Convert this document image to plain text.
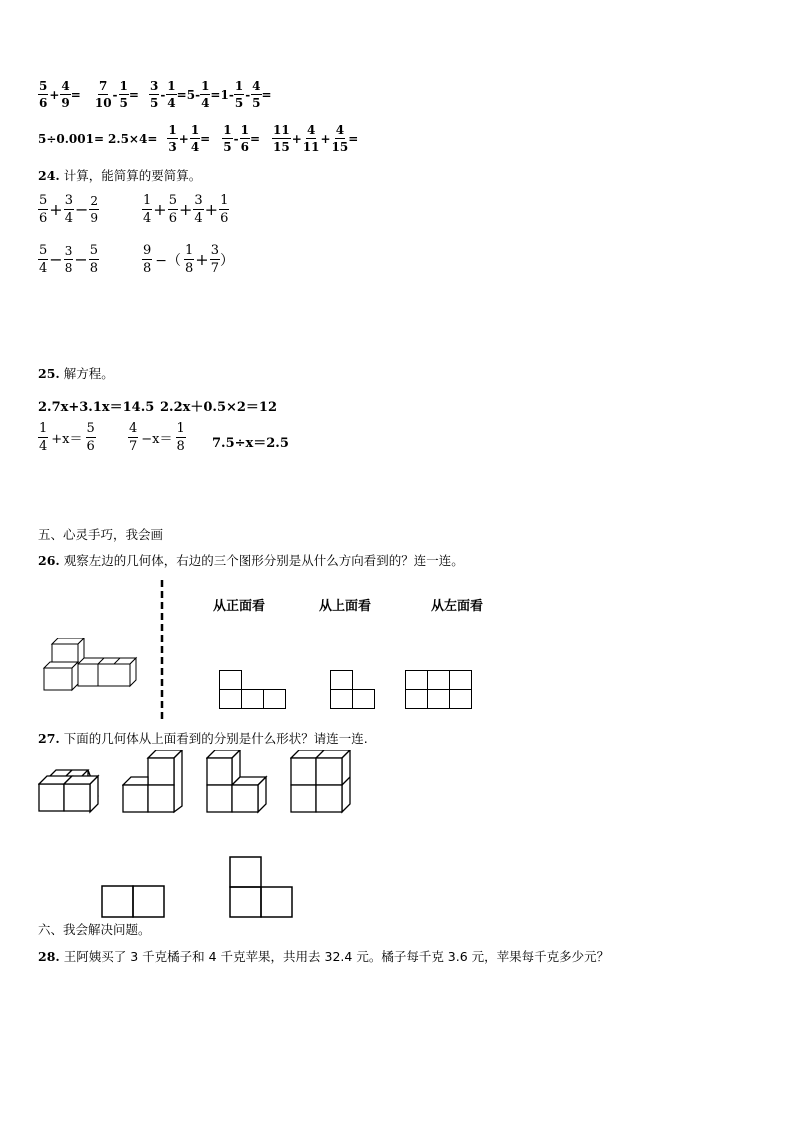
5
6
+ $\frac{4}{9}$ =
7
10
- $\frac{1}{5}$ =
3
5
- $\frac{1}{4} = 5- \frac{1}{4} = 1-$
1
5
- $\frac{4}{5}$ =
5÷0.001= 2.5×4=
1
3
+ $\frac{1}{4}$ =
1
5
- $\frac{1}{6}$ =
11
15
+ $\frac{4}{11} + \frac{4}{15}$ =
24. 计算，能简算的要简算。
5
$6 + \frac{3}{4} - \frac{2}{9}$	1
$4 + \frac{5}{6} + \frac{3}{4} + \frac{1}{6}$
5
$4 - \frac{3}{8} - \frac{5}{8}$	9
8 −（
1
$8 + \frac{3}{7}$ ）
25. 解方程。
2.7x+3.1x＝14.5 2.2x＋0.5×2＝12
1
4 +x＝
5
6
4
7 −x＝
1
8 7.5÷x＝2.5
五、心灵手巧，我会画
26. 观察左边的几何体，右边的三个图形分别是从什么方向看到的？连一连。
从正面看	从上面看	从左面看
27. 下面的几何体从上面看到的分别是什么形状？请连一连.
六、我会解决问题。
28. 王阿姨买了 3 千克橘子和 4 千克苹果，共用去 32.4 元。橘子每千克 3.6 元，苹果每千克多少元？
